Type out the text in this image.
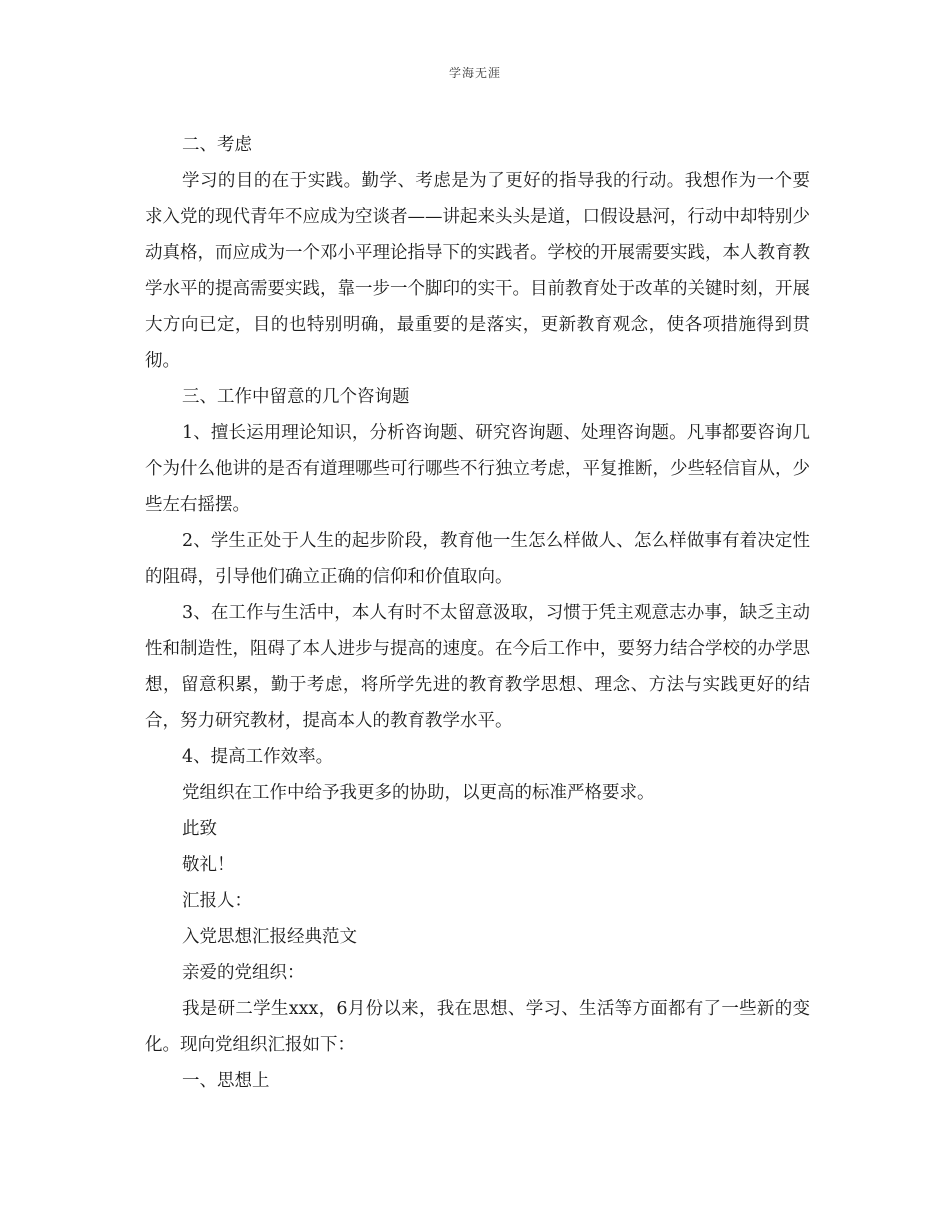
学海无涯

二、考虑

学习的目的在于实践。勤学、考虑是为了更好的指导我的行动。我想作为一个要求入党的现代青年不应成为空谈者——讲起来头头是道，口假设悬河，行动中却特别少动真格，而应成为一个邓小平理论指导下的实践者。学校的开展需要实践，本人教育教学水平的提高需要实践，靠一步一个脚印的实干。目前教育处于改革的关键时刻，开展大方向已定，目的也特别明确，最重要的是落实，更新教育观念，使各项措施得到贯彻。

三、工作中留意的几个咨询题

1、擅长运用理论知识，分析咨询题、研究咨询题、处理咨询题。凡事都要咨询几个为什么他讲的是否有道理哪些可行哪些不行独立考虑，平复推断，少些轻信盲从，少些左右摇摆。

2、学生正处于人生的起步阶段，教育他一生怎么样做人、怎么样做事有着决定性的阻碍，引导他们确立正确的信仰和价值取向。

3、在工作与生活中，本人有时不太留意汲取，习惯于凭主观意志办事，缺乏主动性和制造性，阻碍了本人进步与提高的速度。在今后工作中，要努力结合学校的办学思想，留意积累，勤于考虑，将所学先进的教育教学思想、理念、方法与实践更好的结合，努力研究教材，提高本人的教育教学水平。

4、提高工作效率。

党组织在工作中给予我更多的协助，以更高的标准严格要求。

此致

敬礼！

汇报人：

入党思想汇报经典范文

亲爱的党组织：

我是研二学生xxx，6月份以来，我在思想、学习、生活等方面都有了一些新的变化。现向党组织汇报如下：

一、思想上
